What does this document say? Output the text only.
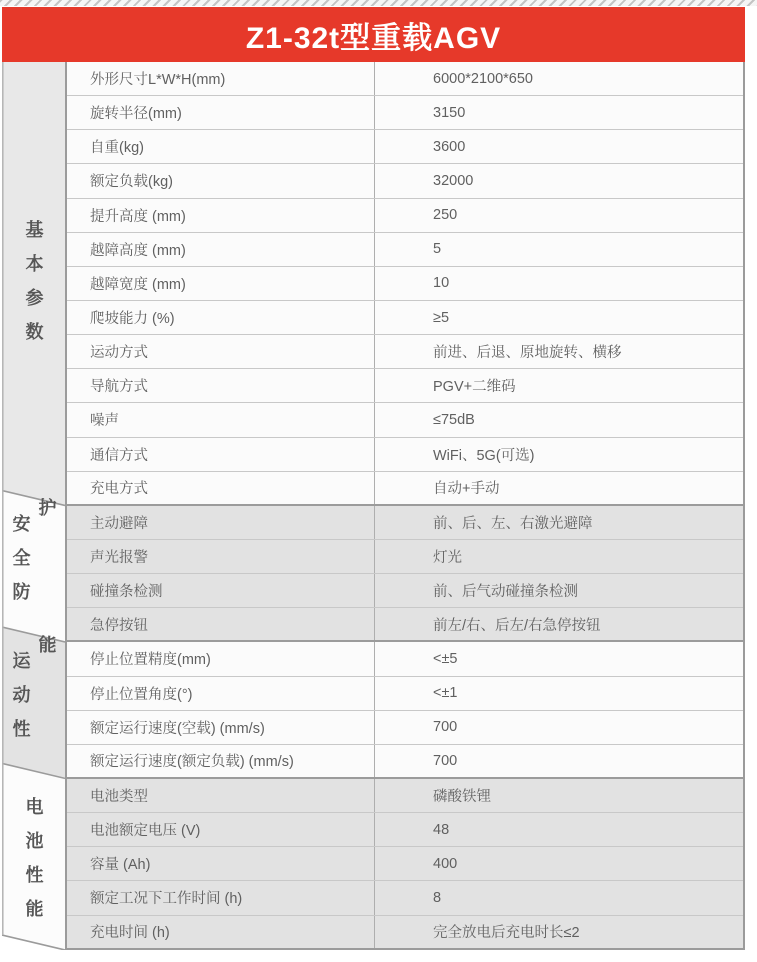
Z1-32t型重载AGV
基本参数
安全防护
运动性能
电池性能
外形尺寸L*W*H(mm)	6000*2100*650
旋转半径(mm)	3150
自重(kg)	3600
额定负载(kg)	32000
提升高度 (mm)	250
越障高度 (mm)	5
越障宽度 (mm)	10
爬坡能力 (%)	≥5
运动方式	前进、后退、原地旋转、横移
导航方式	PGV+二维码
噪声	≤75dB
通信方式	WiFi、5G(可选)
充电方式	自动+手动
主动避障	前、后、左、右激光避障
声光报警	灯光
碰撞条检测	前、后气动碰撞条检测
急停按钮	前左/右、后左/右急停按钮
停止位置精度(mm)	<±5
停止位置角度(°)	<±1
额定运行速度(空载) (mm/s)	700
额定运行速度(额定负载) (mm/s)	700
电池类型	磷酸铁锂
电池额定电压 (V)	48
容量 (Ah)	400
额定工况下工作时间 (h)	8
充电时间 (h)	完全放电后充电时长≤2
